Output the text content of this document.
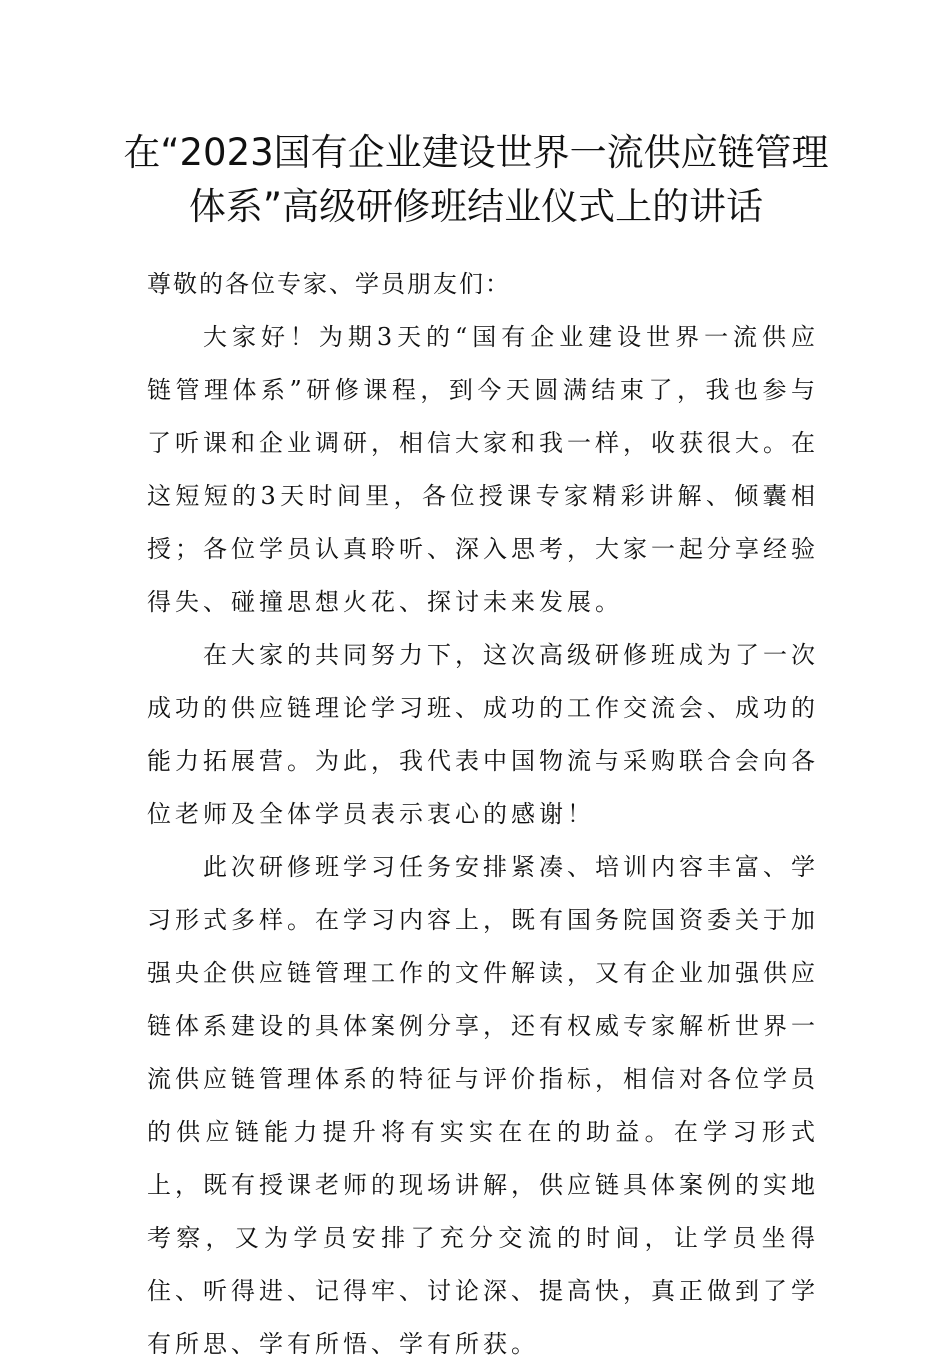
在“2023国有企业建设世界一流供应链管理体系”高级研修班结业仪式上的讲话

尊敬的各位专家、学员朋友们：

大家好！为期3天的“国有企业建设世界一流供应链管理体系”研修课程，到今天圆满结束了，我也参与了听课和企业调研，相信大家和我一样，收获很大。在这短短的3天时间里，各位授课专家精彩讲解、倾囊相授；各位学员认真聆听、深入思考，大家一起分享经验得失、碰撞思想火花、探讨未来发展。

在大家的共同努力下，这次高级研修班成为了一次成功的供应链理论学习班、成功的工作交流会、成功的能力拓展营。为此，我代表中国物流与采购联合会向各位老师及全体学员表示衷心的感谢！

此次研修班学习任务安排紧凑、培训内容丰富、学习形式多样。在学习内容上，既有国务院国资委关于加强央企供应链管理工作的文件解读，又有企业加强供应链体系建设的具体案例分享，还有权威专家解析世界一流供应链管理体系的特征与评价指标，相信对各位学员的供应链能力提升将有实实在在的助益。在学习形式上，既有授课老师的现场讲解，供应链具体案例的实地考察，又为学员安排了充分交流的时间，让学员坐得住、听得进、记得牢、讨论深、提高快，真正做到了学有所思、学有所悟、学有所获。
